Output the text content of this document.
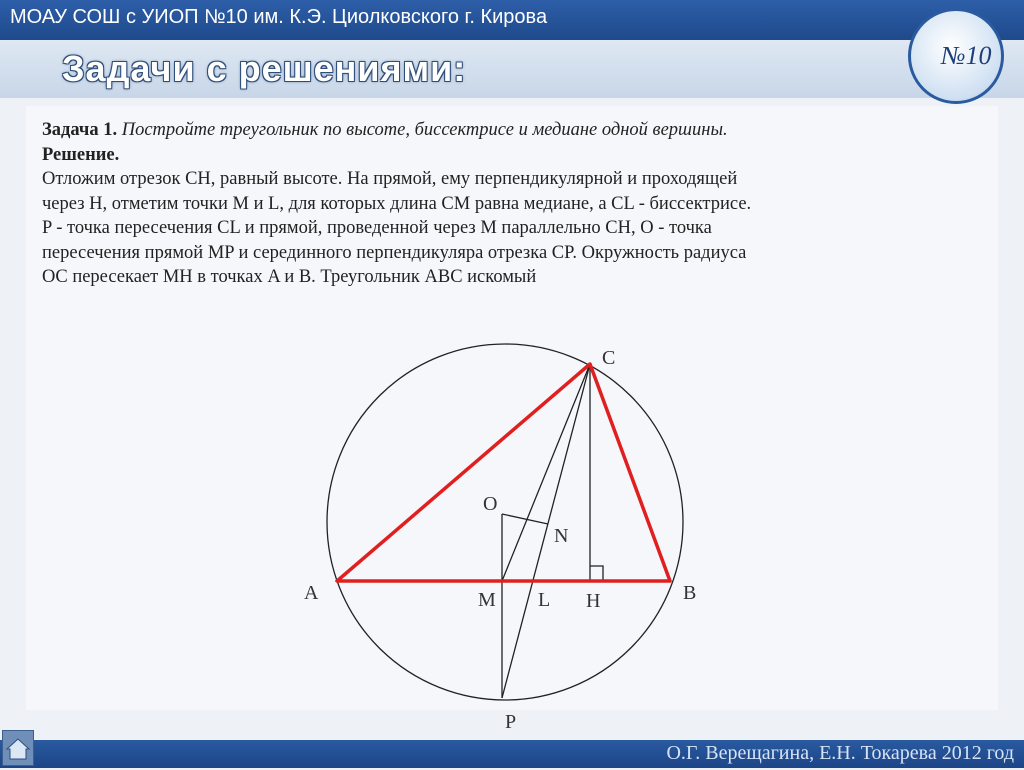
МОАУ СОШ с УИОП №10 им. К.Э. Циолковского г. Кирова
Задачи с решениями:	№10

Задача 1. Постройте треугольник по высоте, биссектрисе и медиане одной вершины.

Решение.

Отложим отрезок CH, равный высоте. На прямой, ему перпендикулярной и проходящей

через H, отметим точки M и L, для которых длина CM равна медиане, а CL - биссектрисе.

P - точка пересечения CL и прямой, проведенной через M параллельно CH, O - точка

пересечения прямой MP и серединного перпендикуляра отрезка CP. Окружность радиуса

OC пересекает MH в точках A и B. Треугольник ABC искомый

C
O
N
A	B
M L H
P
О.Г. Верещагина, Е.Н. Токарева 2012 год
